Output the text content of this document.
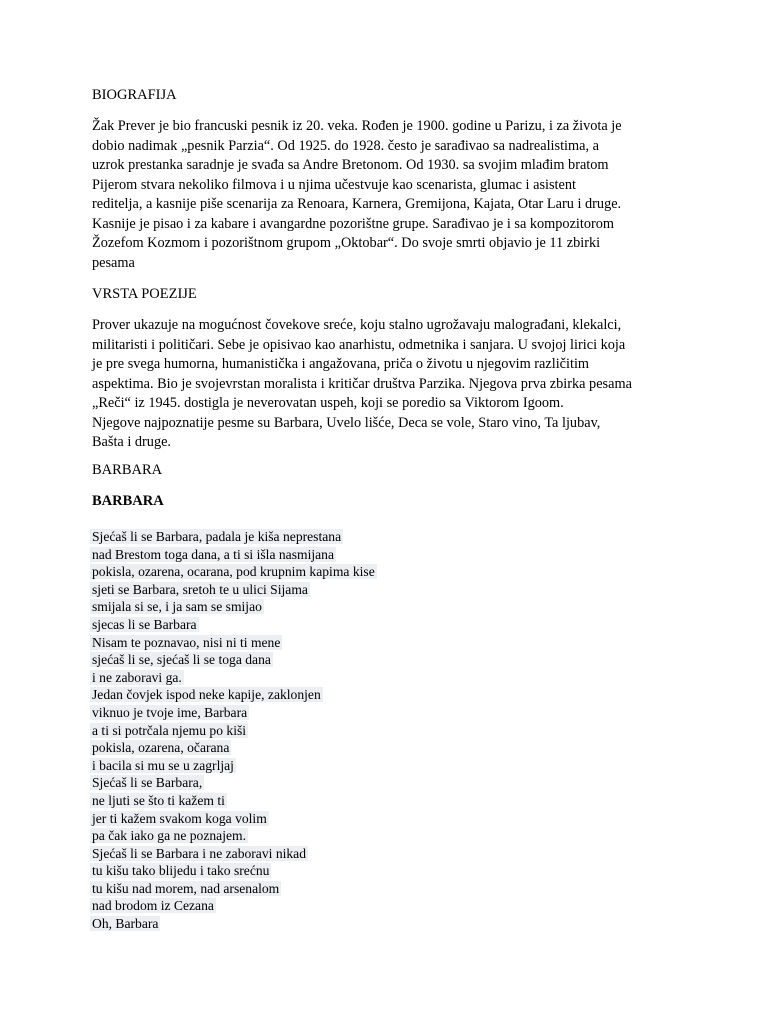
BIOGRAFIJA
Žak Prever je bio francuski pesnik iz 20. veka. Rođen je 1900. godine u Parizu, i za života je
dobio nadimak „pesnik Parzia“. Od 1925. do 1928. često je sarađivao sa nadrealistima, a
uzrok prestanka saradnje je svađa sa Andre Bretonom. Od 1930. sa svojim mlađim bratom
Pijerom stvara nekoliko filmova i u njima učestvuje kao scenarista, glumac i asistent
reditelja, a kasnije piše scenarija za Renoara, Karnera, Gremijona, Kajata, Otar Laru i druge.
Kasnije je pisao i za kabare i avangardne pozorištne grupe. Sarađivao je i sa kompozitorom
Žozefom Kozmom i pozorištnom grupom „Oktobar“. Do svoje smrti objavio je 11 zbirki
pesama
VRSTA POEZIJE
Prover ukazuje na mogućnost čovekove sreće, koju stalno ugrožavaju malograđani, klekalci,
militaristi i političari. Sebe je opisivao kao anarhistu, odmetnika i sanjara. U svojoj lirici koja
je pre svega humorna, humanistička i angažovana, priča o životu u njegovim različitim
aspektima. Bio je svojevrstan moralista i kritičar društva Parzika. Njegova prva zbirka pesama
„Reči“ iz 1945. dostigla je neverovatan uspeh, koji se poredio sa Viktorom Igoom.
Njegove najpoznatije pesme su Barbara, Uvelo lišće, Deca se vole, Staro vino, Ta ljubav,
Bašta i druge.
BARBARA
BARBARA
Sjećaš li se Barbara, padala je kiša neprestana
nad Brestom toga dana, a ti si išla nasmijana
pokisla, ozarena, ocarana, pod krupnim kapima kise
sjeti se Barbara, sretoh te u ulici Sijama
smijala si se, i ja sam se smijao
sjecas li se Barbara
Nisam te poznavao, nisi ni ti mene
sjećaš li se, sjećaš li se toga dana
i ne zaboravi ga.
Jedan čovjek ispod neke kapije, zaklonjen
viknuo je tvoje ime, Barbara
a ti si potrčala njemu po kiši
pokisla, ozarena, očarana
i bacila si mu se u zagrljaj
Sjećaš li se Barbara,
ne ljuti se što ti kažem ti
jer ti kažem svakom koga volim
pa čak iako ga ne poznajem.
Sjećaš li se Barbara i ne zaboravi nikad
tu kišu tako blijedu i tako srećnu
tu kišu nad morem, nad arsenalom
nad brodom iz Cezana
Oh, Barbara
